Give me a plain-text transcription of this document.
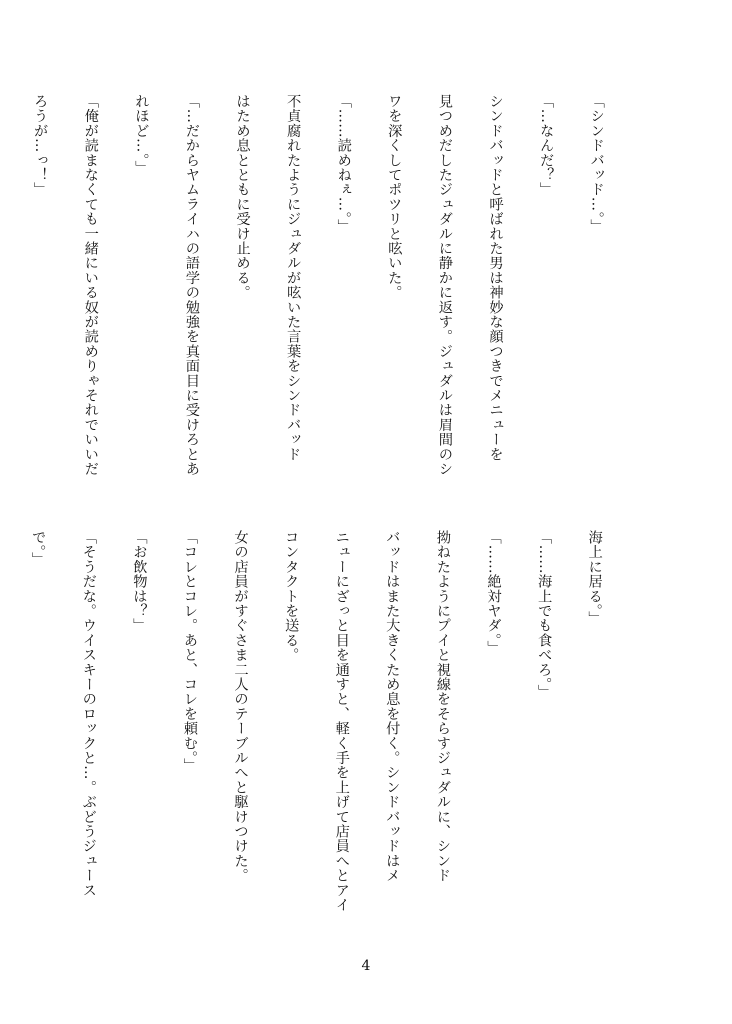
「シンドバッド…。」

「…なんだ？」

シンドバッドと呼ばれた男は神妙な顔つきでメニューを

見つめだしたジュダルに静かに返す。ジュダルは眉間のシ

ワを深くしてポツリと呟いた。

「……読めねぇ…。」

不貞腐れたようにジュダルが呟いた言葉をシンドバッド

はため息とともに受け止める。

「…だからヤムライハの語学の勉強を真面目に受けろとあ

れほど…。」

「俺が読まなくても一緒にいる奴が読めりゃそれでいいだ

ろうが…っ！」

海上に居る。」

「……海上でも食べろ。」

「……絶対ヤダ。」

拗ねたようにプイと視線をそらすジュダルに、シンド

バッドはまた大きくため息を付く。シンドバッドはメ

ニューにざっと目を通すと、軽く手を上げて店員へとアイ

コンタクトを送る。

女の店員がすぐさま二人のテーブルへと駆けつけた。

「コレとコレ。あと、コレを頼む。」

「お飲物は？」

「そうだな。ウイスキーのロックと…。ぶどうジュース

で。」

4
